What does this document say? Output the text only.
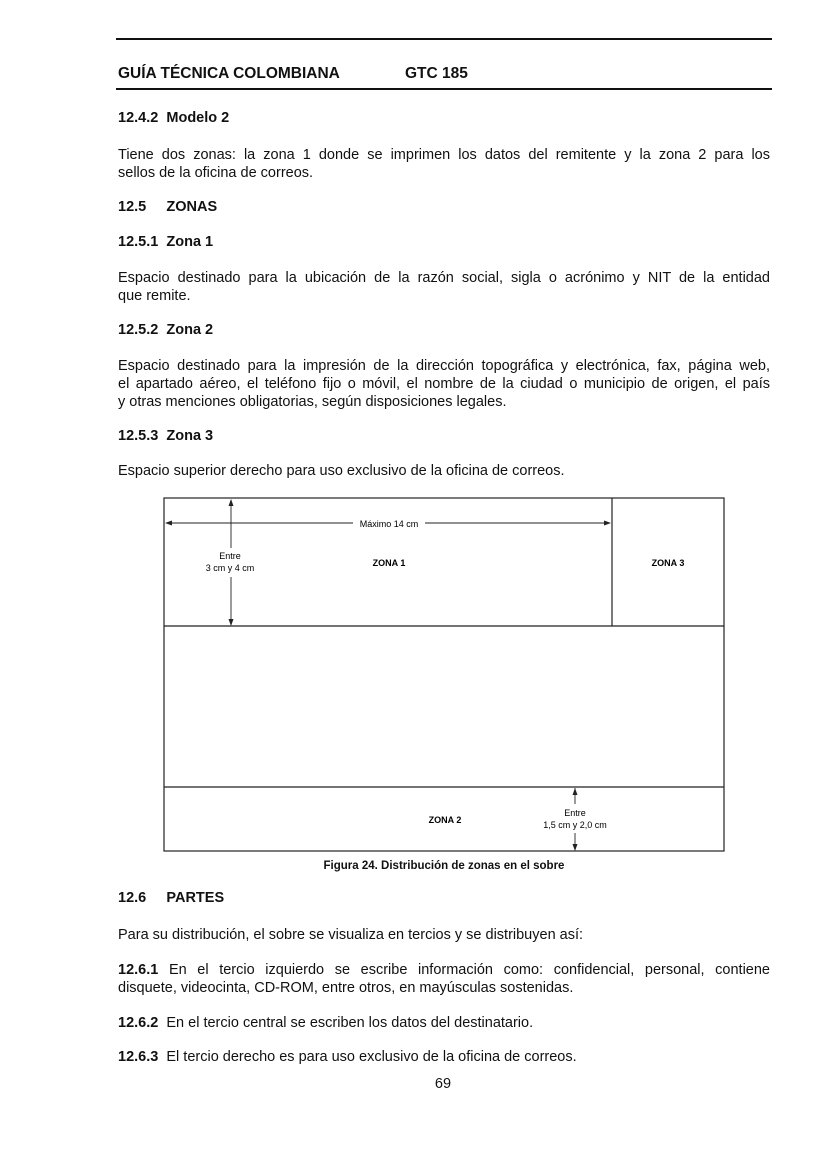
GUÍA TÉCNICA COLOMBIANA	GTC 185
12.4.2 Modelo 2
Tiene dos zonas: la zona 1 donde se imprimen los datos del remitente y la zona 2 para los
sellos de la oficina de correos.
12.5 ZONAS
12.5.1 Zona 1
Espacio destinado para la ubicación de la razón social, sigla o acrónimo y NIT de la entidad
que remite.
12.5.2 Zona 2
Espacio destinado para la impresión de la dirección topográfica y electrónica, fax, página web,
el apartado aéreo, el teléfono fijo o móvil, el nombre de la ciudad o municipio de origen, el país
y otras menciones obligatorias, según disposiciones legales.
12.5.3 Zona 3
Espacio superior derecho para uso exclusivo de la oficina de correos.
Máximo 14 cm
Entre
3 cm y 4 cm	ZONA 1	ZONA 3
ZONA 2
Entre
1,5 cm y 2,0 cm
Figura 24. Distribución de zonas en el sobre
12.6 PARTES
Para su distribución, el sobre se visualiza en tercios y se distribuyen así:
12.6.1 En el tercio izquierdo se escribe información como: confidencial, personal, contiene
disquete, videocinta, CD-ROM, entre otros, en mayúsculas sostenidas.
12.6.2 En el tercio central se escriben los datos del destinatario.
12.6.3 El tercio derecho es para uso exclusivo de la oficina de correos.
69
